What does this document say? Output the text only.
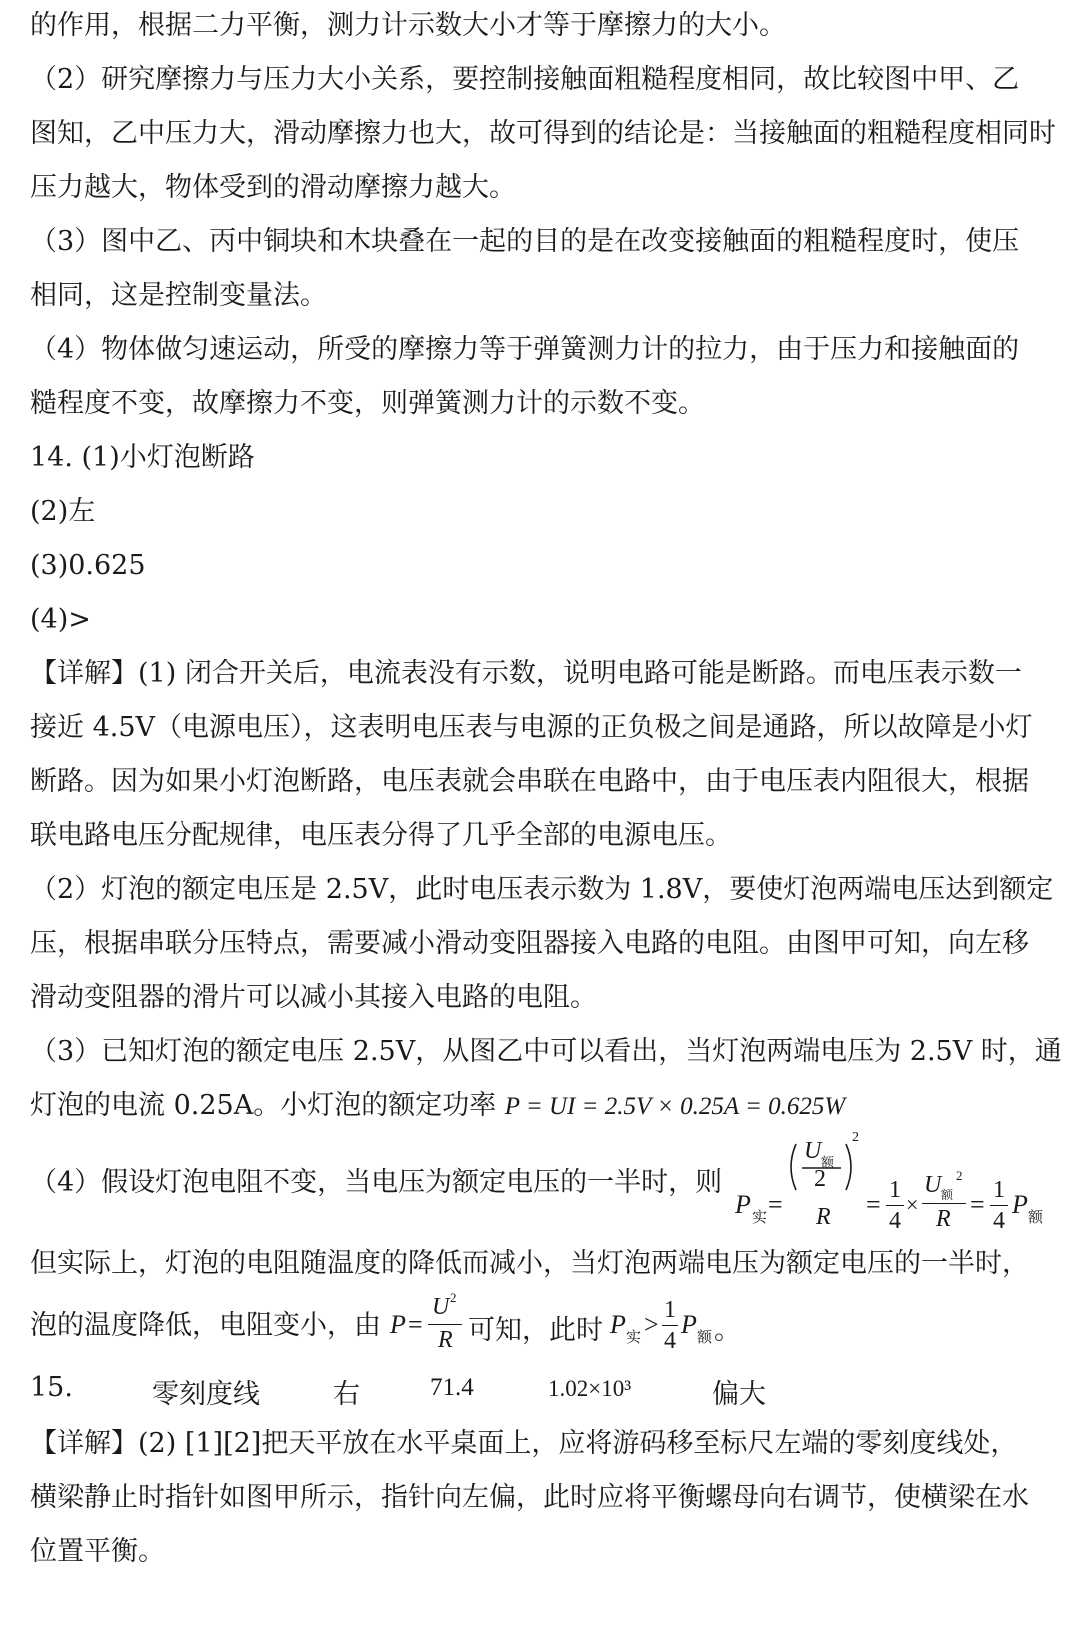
的作用，根据二力平衡，测力计示数大小才等于摩擦力的大小。
（2）研究摩擦力与压力大小关系，要控制接触面粗糙程度相同，故比较图中甲、乙
图知，乙中压力大，滑动摩擦力也大，故可得到的结论是：当接触面的粗糙程度相同时
压力越大，物体受到的滑动摩擦力越大。
（3）图中乙、丙中铜块和木块叠在一起的目的是在改变接触面的粗糙程度时，使压
相同，这是控制变量法。
（4）物体做匀速运动，所受的摩擦力等于弹簧测力计的拉力，由于压力和接触面的
糙程度不变，故摩擦力不变，则弹簧测力计的示数不变。
14. (1)小灯泡断路
(2)左
(3)0.625
(4)>
【详解】(1) 闭合开关后，电流表没有示数，说明电路可能是断路。而电压表示数一
接近 4.5V（电源电压），这表明电压表与电源的正负极之间是通路，所以故障是小灯
断路。因为如果小灯泡断路，电压表就会串联在电路中，由于电压表内阻很大，根据
联电路电压分配规律，电压表分得了几乎全部的电源电压。
（2）灯泡的额定电压是 2.5V，此时电压表示数为 1.8V，要使灯泡两端电压达到额定
压，根据串联分压特点，需要减小滑动变阻器接入电路的电阻。由图甲可知，向左移
滑动变阻器的滑片可以减小其接入电路的电阻。
（3）已知灯泡的额定电压 2.5V，从图乙中可以看出，当灯泡两端电压为 2.5V 时，通
灯泡的电流 0.25A。小灯泡的额定功率 P = UI = 2.5V × 0.25A = 0.625W
（4）假设灯泡电阻不变，当电压为额定电压的一半时，则
P 实 =
U 额
2
2
R = 1
4
×
U 额
2
R = 1
4
P 额
但实际上，灯泡的电阻随温度的降低而减小，当灯泡两端电压为额定电压的一半时，
泡的温度降低，电阻变小，由 P =
U 2
R 可知，此时 P 实 > 1
4
P 额 。
15.	零刻度线	右	71.4	1.02×10³	偏大
【详解】(2) [1][2]把天平放在水平桌面上，应将游码移至标尺左端的零刻度线处，
横梁静止时指针如图甲所示，指针向左偏，此时应将平衡螺母向右调节，使横梁在水
位置平衡。
